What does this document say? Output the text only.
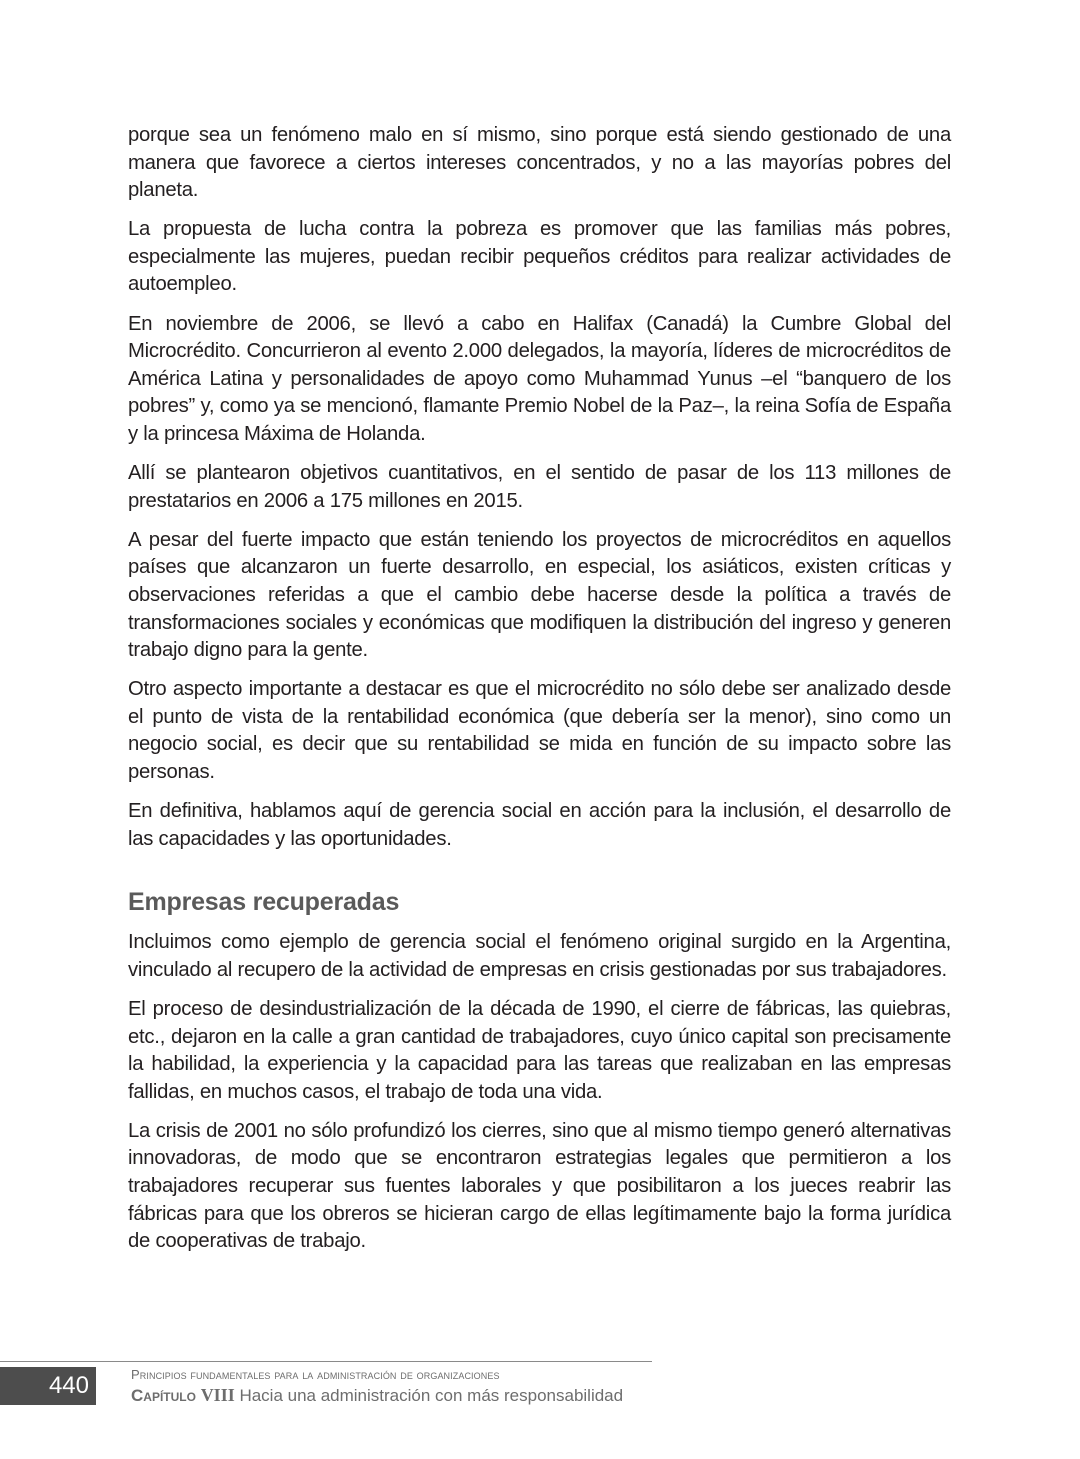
porque sea un fenómeno malo en sí mismo, sino porque está siendo gestionado de una manera que favorece a ciertos intereses concentrados, y no a las mayorías pobres del planeta.

La propuesta de lucha contra la pobreza es promover que las familias más pobres, especialmente las mujeres, puedan recibir pequeños créditos para realizar actividades de autoempleo.

En noviembre de 2006, se llevó a cabo en Halifax (Canadá) la Cumbre Global del Microcrédito. Concurrieron al evento 2.000 delegados, la mayoría, líderes de microcréditos de América Latina y personalidades de apoyo como Muhammad Yunus –el “banquero de los pobres” y, como ya se mencionó, flamante Premio Nobel de la Paz–, la reina Sofía de España y la princesa Máxima de Holanda.

Allí se plantearon objetivos cuantitativos, en el sentido de pasar de los 113 millones de prestatarios en 2006 a 175 millones en 2015.

A pesar del fuerte impacto que están teniendo los proyectos de microcréditos en aquellos países que alcanzaron un fuerte desarrollo, en especial, los asiáticos, existen críticas y observaciones referidas a que el cambio debe hacerse desde la política a través de transformaciones sociales y económicas que modifiquen la distribución del ingreso y generen trabajo digno para la gente.

Otro aspecto importante a destacar es que el microcrédito no sólo debe ser analizado desde el punto de vista de la rentabilidad económica (que debería ser la menor), sino como un negocio social, es decir que su rentabilidad se mida en función de su impacto sobre las personas.

En definitiva, hablamos aquí de gerencia social en acción para la inclusión, el desarrollo de las capacidades y las oportunidades.

Empresas recuperadas

Incluimos como ejemplo de gerencia social el fenómeno original surgido en la Argentina, vinculado al recupero de la actividad de empresas en crisis gestionadas por sus trabajadores.

El proceso de desindustrialización de la década de 1990, el cierre de fábricas, las quiebras, etc., dejaron en la calle a gran cantidad de trabajadores, cuyo único capital son precisamente la habilidad, la experiencia y la capacidad para las tareas que realizaban en las empresas fallidas, en muchos casos, el trabajo de toda una vida.

La crisis de 2001 no sólo profundizó los cierres, sino que al mismo tiempo generó alternativas innovadoras, de modo que se encontraron estrategias legales que permitieron a los trabajadores recuperar sus fuentes laborales y que posibilitaron a los jueces reabrir las fábricas para que los obreros se hicieran cargo de ellas legítimamente bajo la forma jurídica de cooperativas de trabajo.

440	Principios fundamentales para la administración de organizaciones
Capítulo VIII Hacia una administración con más responsabilidad
